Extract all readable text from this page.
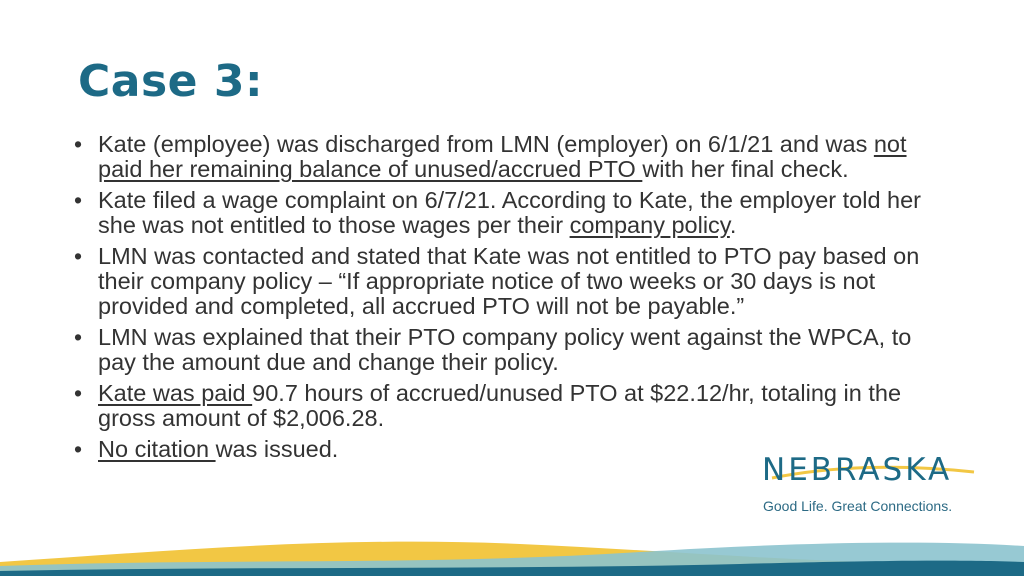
Case 3:
• Kate (employee) was discharged from LMN (employer) on 6/1/21 and was not paid her remaining balance of unused/accrued PTO with her final check.
• Kate filed a wage complaint on 6/7/21. According to Kate, the employer told her she was not entitled to those wages per their company policy.
• LMN was contacted and stated that Kate was not entitled to PTO pay based on their company policy – “If appropriate notice of two weeks or 30 days is not provided and completed, all accrued PTO will not be payable.”
• LMN was explained that their PTO company policy went against the WPCA, to pay the amount due and change their policy.
• Kate was paid 90.7 hours of accrued/unused PTO at $22.12/hr, totaling in the gross amount of $2,006.28.
• No citation was issued.
NEBRASKA
Good Life. Great Connections.
